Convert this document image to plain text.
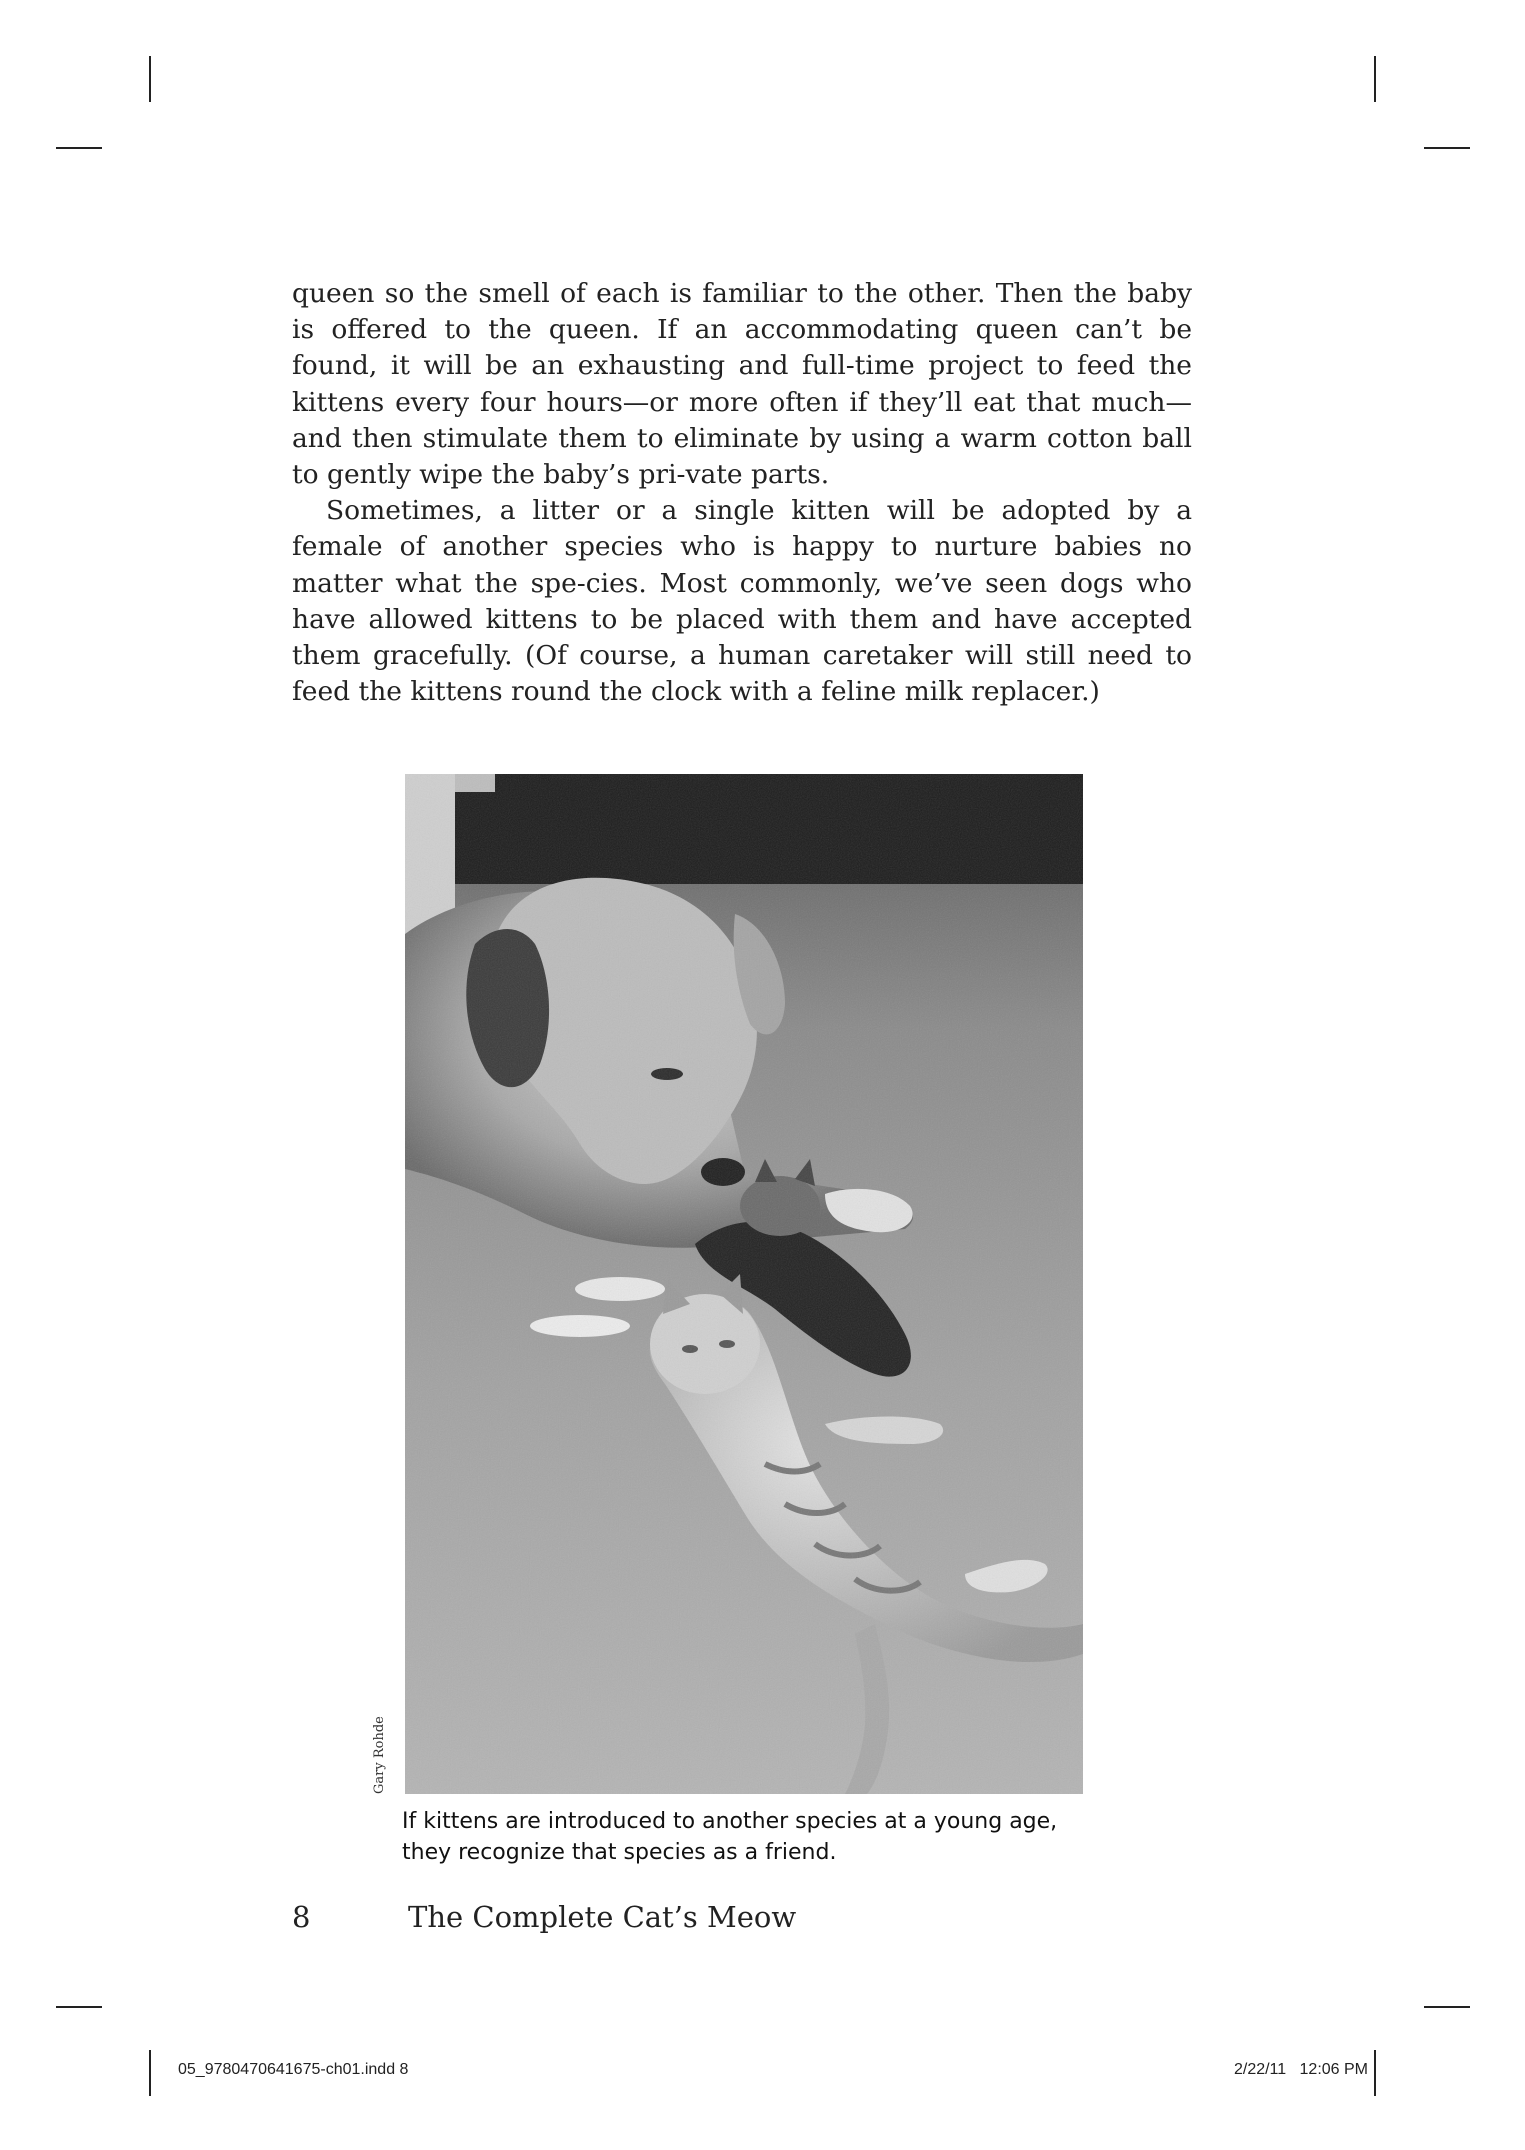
queen so the smell of each is familiar to the other. Then the baby is offered to the queen. If an accommodating queen can’t be found, it will be an exhausting and full-time project to feed the kittens every four hours—or more often if they’ll eat that much—and then stimulate them to eliminate by using a warm cotton ball to gently wipe the baby’s pri-vate parts.

Sometimes, a litter or a single kitten will be adopted by a female of another species who is happy to nurture babies no matter what the spe-cies. Most commonly, we’ve seen dogs who have allowed kittens to be placed with them and have accepted them gracefully. (Of course, a human caretaker will still need to feed the kittens round the clock with a feline milk replacer.)

Gary Rohde

If kittens are introduced to another species at a young age,
they recognize that species as a friend.

8	The Complete Cat’s Meow
05_9780470641675-ch01.indd 8	2/22/11 12:06 PM
